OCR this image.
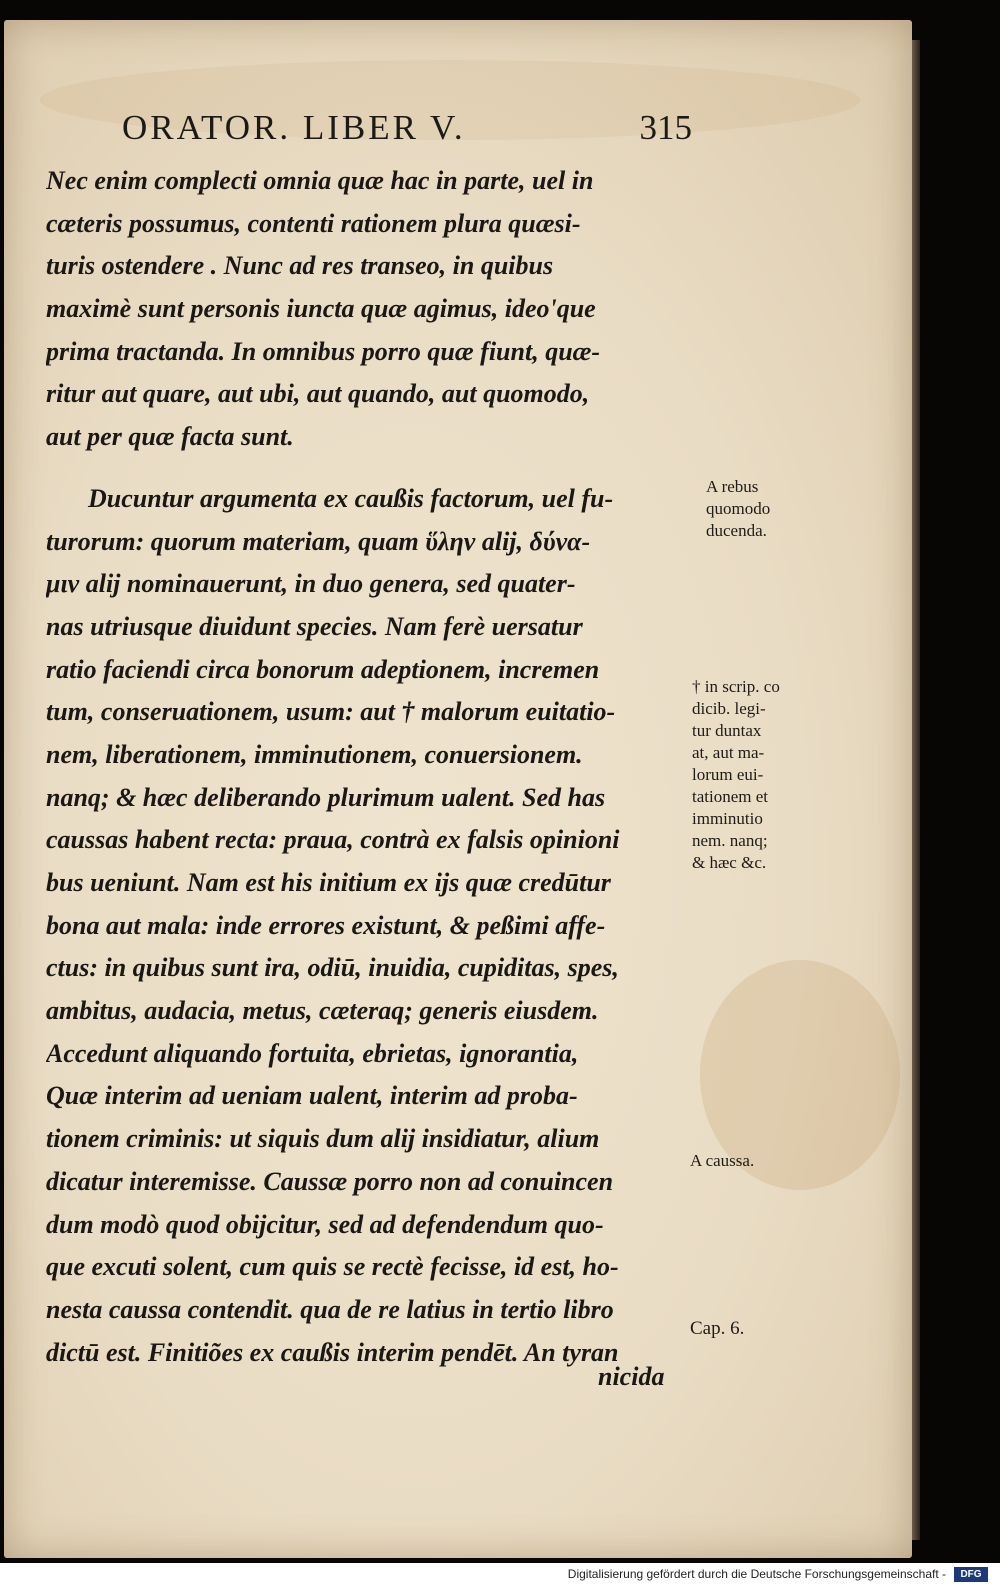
ORATOR. LIBER V.	315
Nec enim complecti omnia quæ hac in parte, uel in
cæteris possumus, contenti rationem plura quæsi-
turis ostendere . Nunc ad res transeo, in quibus
maximè sunt personis iuncta quæ agimus, ideo'que
prima tractanda. In omnibus porro quæ fiunt, quæ-
ritur aut quare, aut ubi, aut quando, aut quomodo,
aut per quæ facta sunt.
Ducuntur argumenta ex caußis factorum, uel fu-
turorum: quorum materiam, quam ὕλην alij, δύνα-
μιν alij nominauerunt, in duo genera, sed quater-
nas utriusque diuidunt species. Nam ferè uersatur
ratio faciendi circa bonorum adeptionem, incremen
tum, conseruationem, usum: aut † malorum euitatio-
nem, liberationem, imminutionem, conuersionem.
nanq; & hæc deliberando plurimum ualent. Sed has
caussas habent recta: praua, contrà ex falsis opinioni
bus ueniunt. Nam est his initium ex ijs quæ credūtur
bona aut mala: inde errores existunt, & peßimi affe-
ctus: in quibus sunt ira, odiū, inuidia, cupiditas, spes,
ambitus, audacia, metus, cæteraq; generis eiusdem.
Accedunt aliquando fortuita, ebrietas, ignorantia,
Quæ interim ad ueniam ualent, interim ad proba-
tionem criminis: ut siquis dum alij insidiatur, alium
dicatur interemisse. Caussæ porro non ad conuincen
dum modò quod obijcitur, sed ad defendendum quo-
que excuti solent, cum quis se rectè fecisse, id est, ho-
nesta caussa contendit. qua de re latius in tertio libro
dictū est. Finitiões ex caußis interim pendēt. An tyran
nicida
A rebus
quomodo
ducenda.
† in scrip. co
dicib. legi-
tur duntax
at, aut ma-
lorum eui-
tationem et
imminutio
nem. nanq;
& hæc &c.
A caussa.
Cap. 6.
Digitalisierung gefördert durch die Deutsche Forschungsgemeinschaft -	DFG
